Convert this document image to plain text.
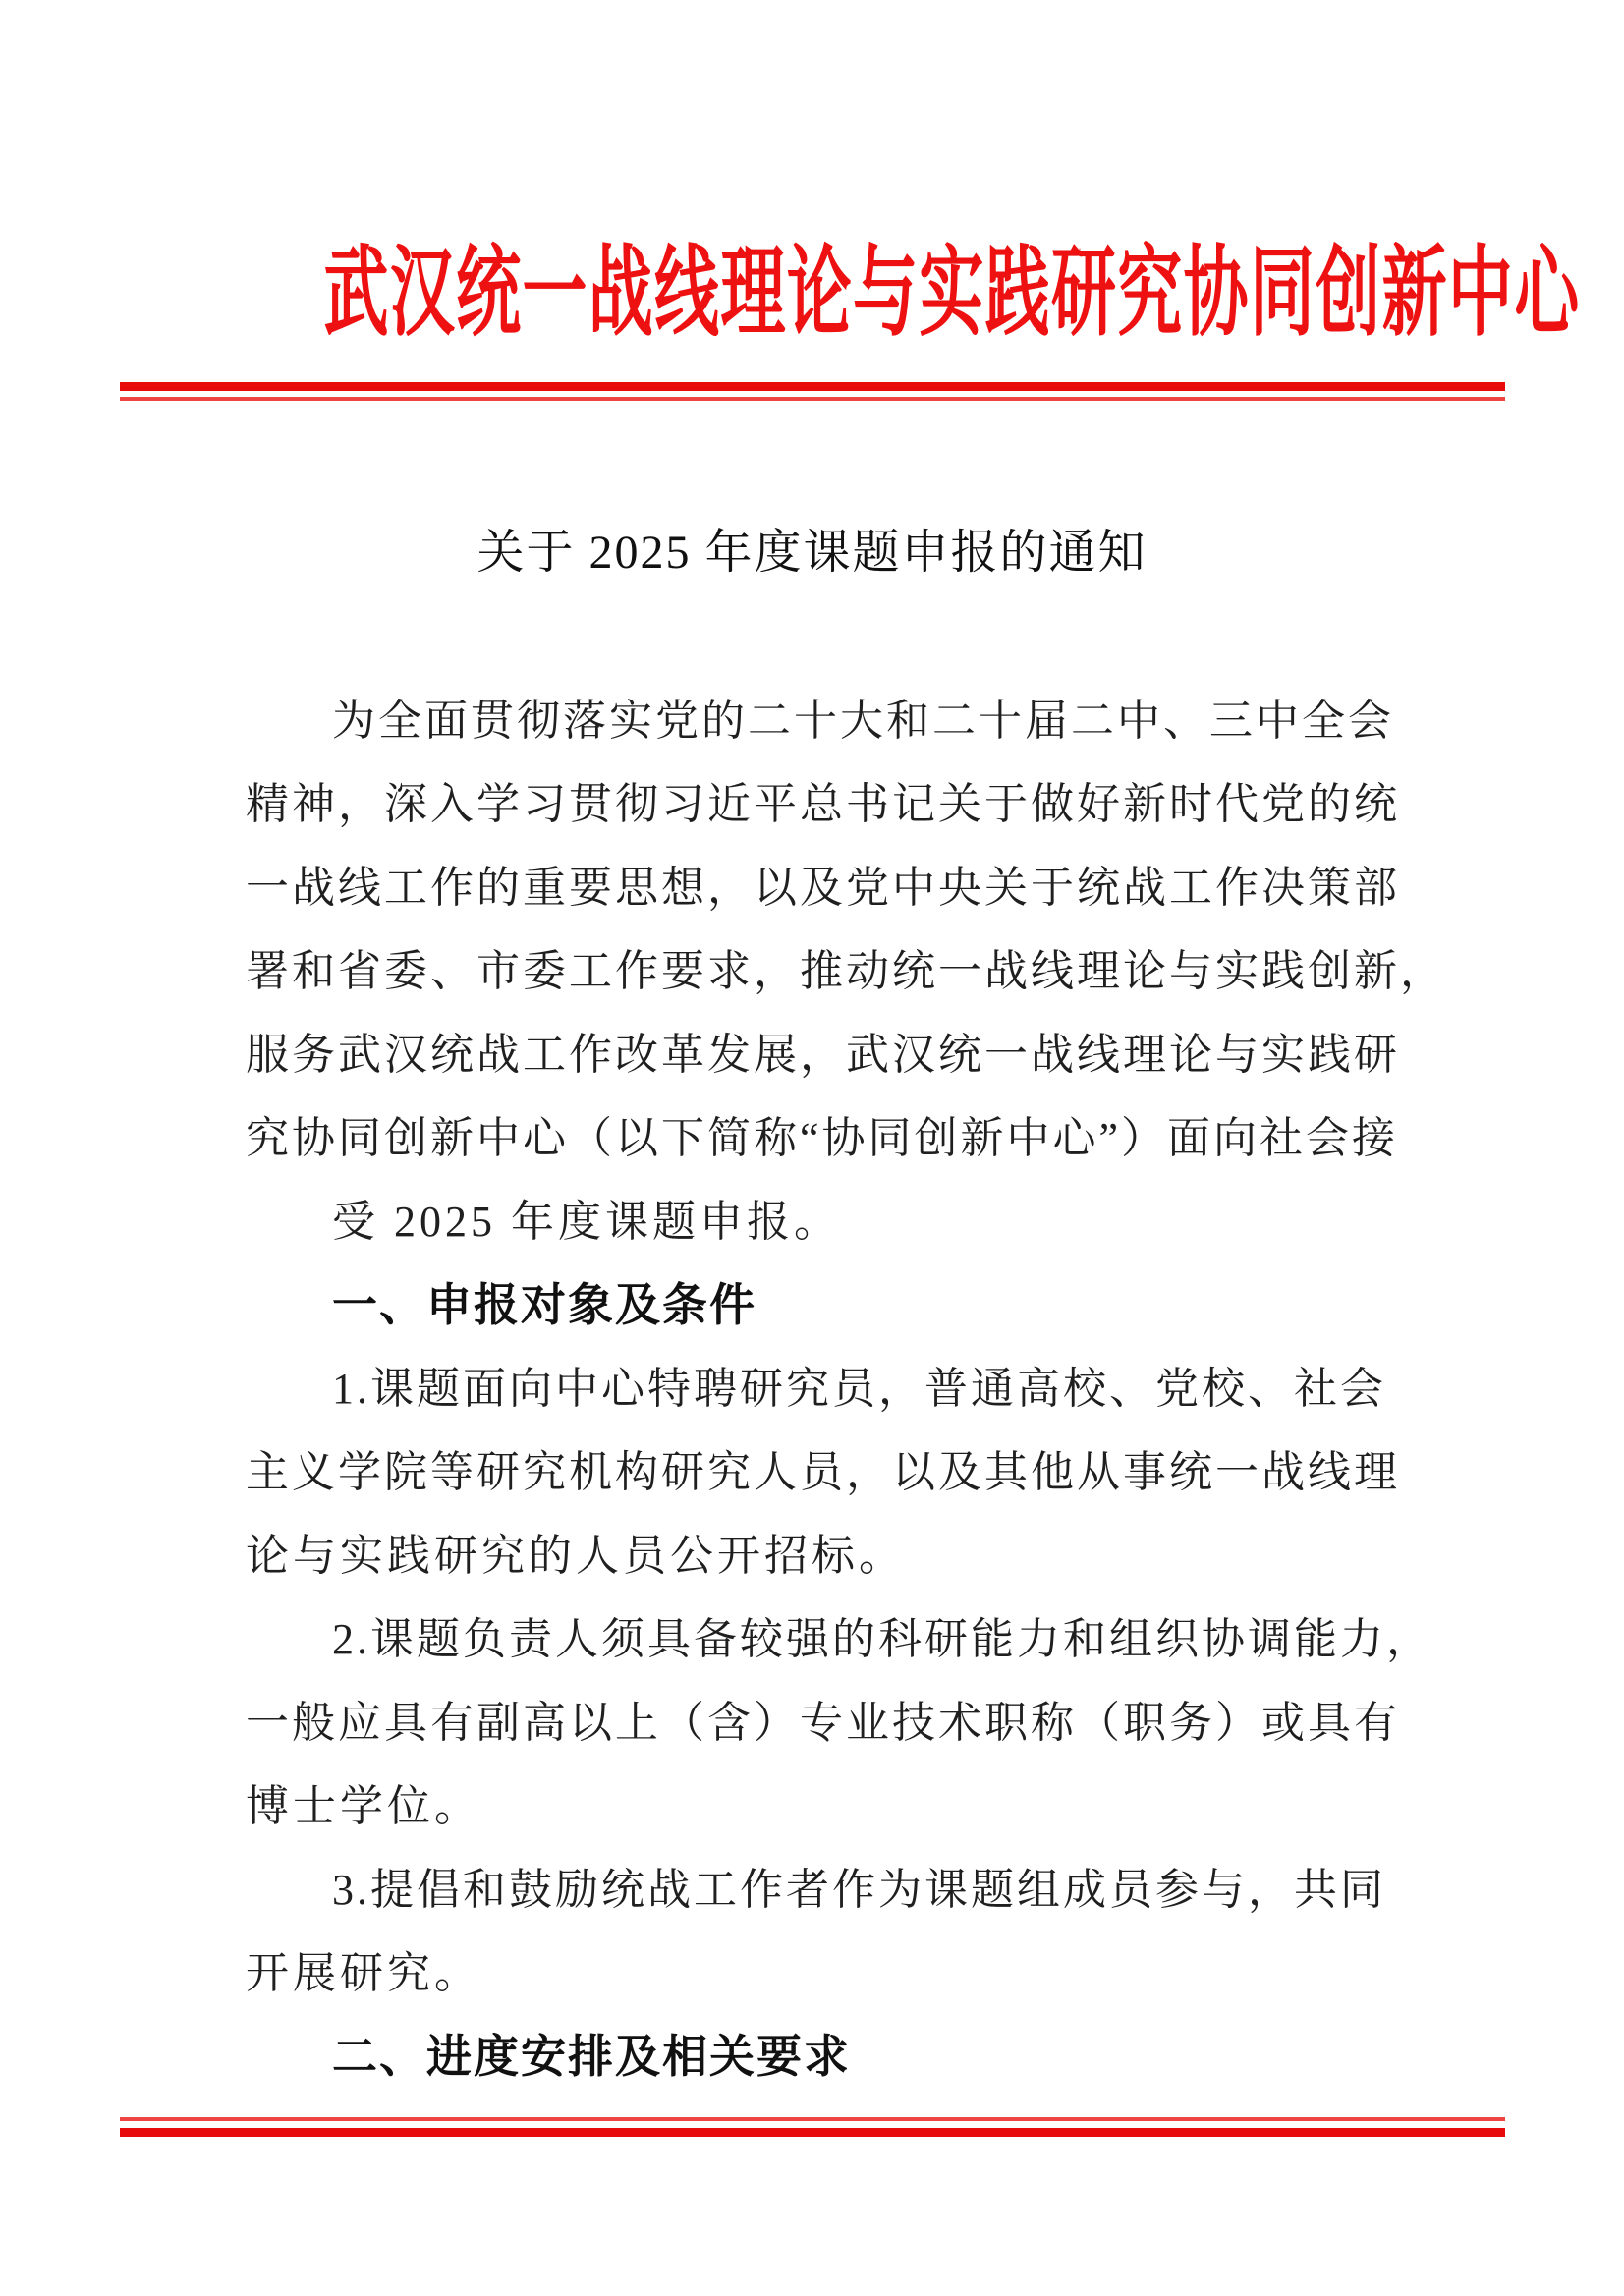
武汉统一战线理论与实践研究协同创新中心
关于 2025 年度课题申报的通知
为全面贯彻落实党的二十大和二十届二中、三中全会
精神，深入学习贯彻习近平总书记关于做好新时代党的统
一战线工作的重要思想，以及党中央关于统战工作决策部
署和省委、市委工作要求，推动统一战线理论与实践创新，
服务武汉统战工作改革发展，武汉统一战线理论与实践研
究协同创新中心（以下简称“协同创新中心”）面向社会接
受 2025 年度课题申报。
一、申报对象及条件
1.课题面向中心特聘研究员，普通高校、党校、社会
主义学院等研究机构研究人员，以及其他从事统一战线理
论与实践研究的人员公开招标。
2.课题负责人须具备较强的科研能力和组织协调能力，
一般应具有副高以上（含）专业技术职称（职务）或具有
博士学位。
3.提倡和鼓励统战工作者作为课题组成员参与，共同
开展研究。
二、进度安排及相关要求
